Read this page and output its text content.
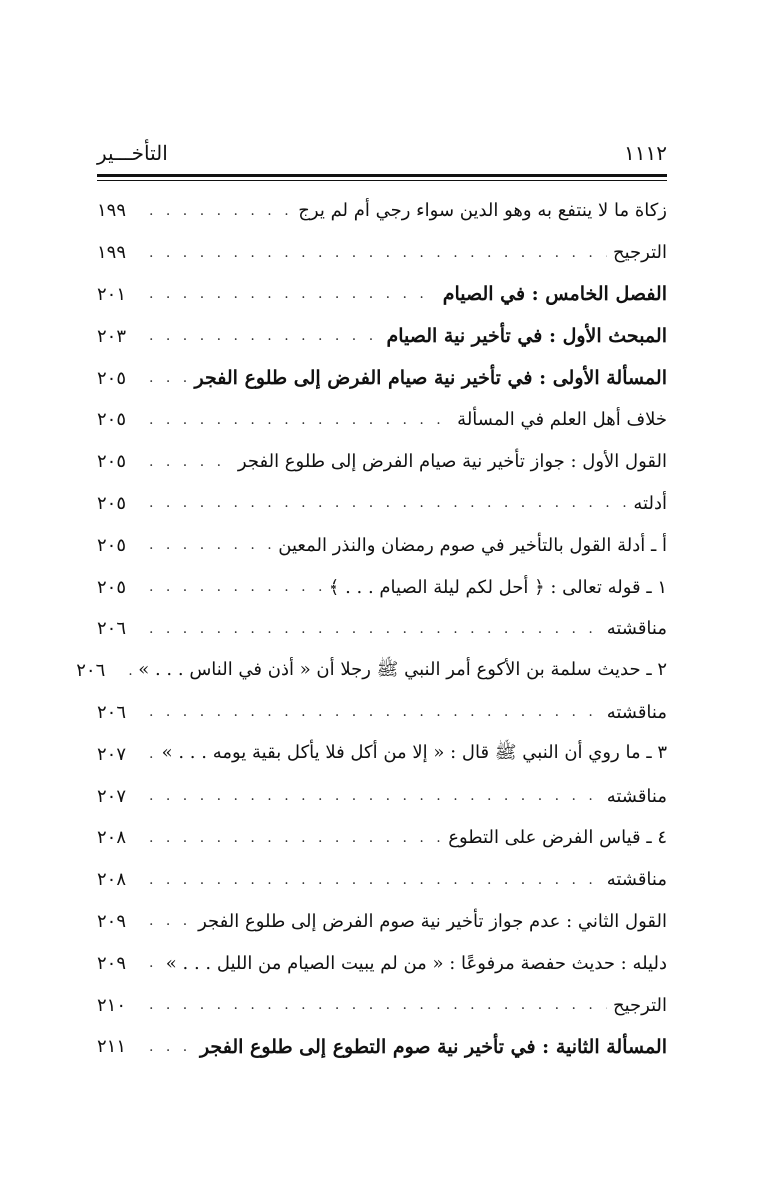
١١١٢
التأخـــير
زكاة ما لا ينتفع به وهو الدين سواء رجي أم لم يرج
. . .
١٩٩
الترجيح
. . .
١٩٩
الفصل الخامس : في الصيام
. . .
٢٠١
المبحث الأول : في تأخير نية الصيام
. . .
٢٠٣
المسألة الأولى : في تأخير نية صيام الفرض إلى طلوع الفجر
. . .
٢٠٥
خلاف أهل العلم في المسألة
. . .
٢٠٥
القول الأول : جواز تأخير نية صيام الفرض إلى طلوع الفجر
. . .
٢٠٥
أدلته
. . .
٢٠٥
أ ـ أدلة القول بالتأخير في صوم رمضان والنذر المعين
. . .
٢٠٥
١ ـ قوله تعالى : ﴿ أحل لكم ليلة الصيام . . . ﴾
. . .
٢٠٥
مناقشته
. . .
٢٠٦
٢ ـ حديث سلمة بن الأكوع أمر النبي ﷺ رجلا أن « أذن في الناس . . . »
. . .
٢٠٦
مناقشته
. . .
٢٠٦
٣ ـ ما روي أن النبي ﷺ قال : « إلا من أكل فلا يأكل بقية يومه . . . »
. . .
٢٠٧
مناقشته
. . .
٢٠٧
٤ ـ قياس الفرض على التطوع
. . .
٢٠٨
مناقشته
. . .
٢٠٨
القول الثاني : عدم جواز تأخير نية صوم الفرض إلى طلوع الفجر
. . .
٢٠٩
دليله : حديث حفصة مرفوعًا : « من لم يبيت الصيام من الليل . . . »
. . .
٢٠٩
الترجيح
. . .
٢١٠
المسألة الثانية : في تأخير نية صوم التطوع إلى طلوع الفجر
. . .
٢١١
